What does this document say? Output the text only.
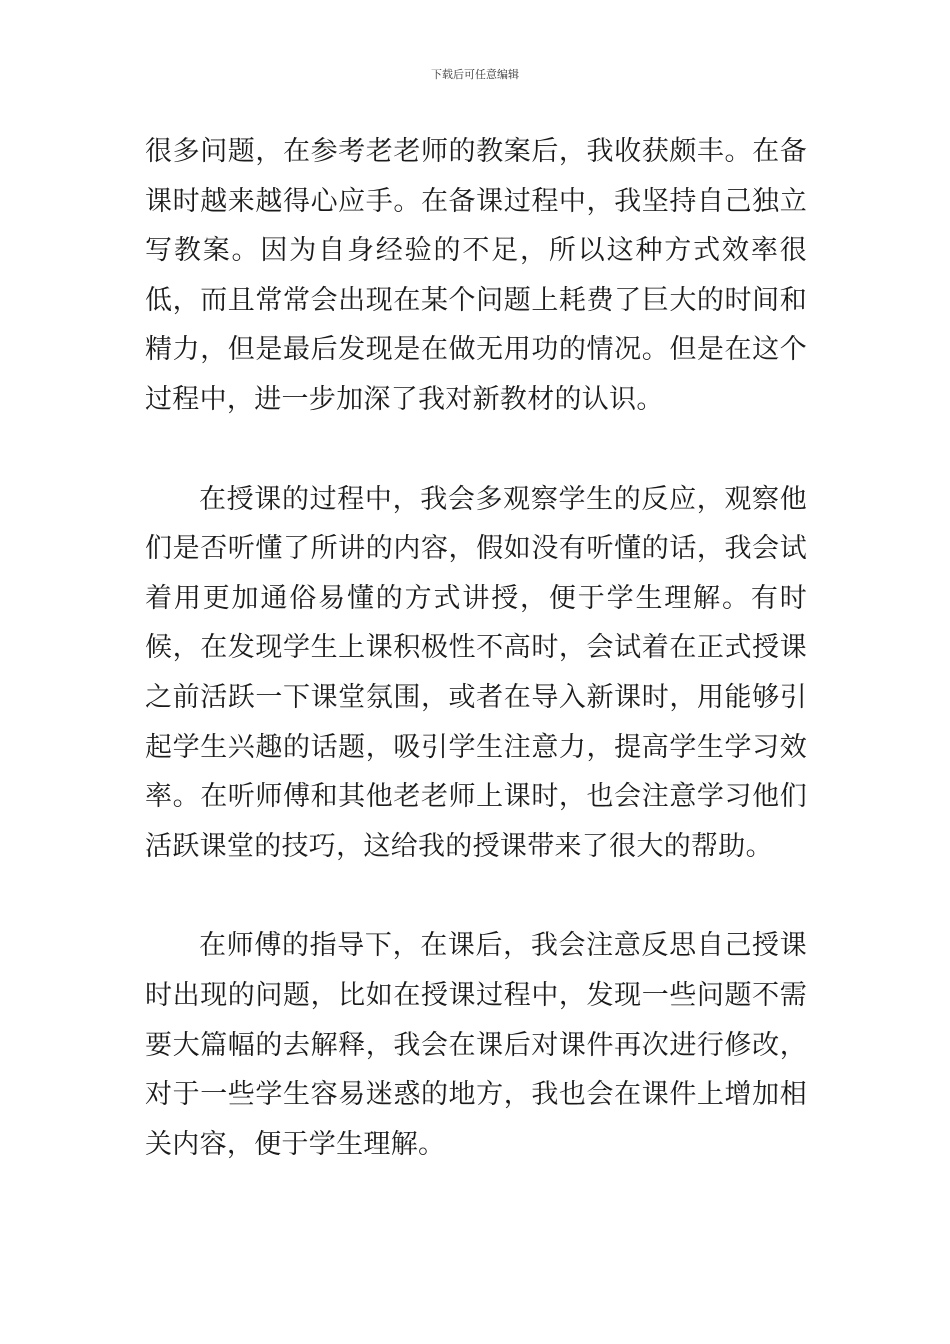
下载后可任意编辑

很多问题，在参考老老师的教案后，我收获颇丰。在备课时越来越得心应手。在备课过程中，我坚持自己独立写教案。因为自身经验的不足，所以这种方式效率很低，而且常常会出现在某个问题上耗费了巨大的时间和精力，但是最后发现是在做无用功的情况。但是在这个过程中，进一步加深了我对新教材的认识。

在授课的过程中，我会多观察学生的反应，观察他们是否听懂了所讲的内容，假如没有听懂的话，我会试着用更加通俗易懂的方式讲授，便于学生理解。有时候，在发现学生上课积极性不高时，会试着在正式授课之前活跃一下课堂氛围，或者在导入新课时，用能够引起学生兴趣的话题，吸引学生注意力，提高学生学习效率。在听师傅和其他老老师上课时，也会注意学习他们活跃课堂的技巧，这给我的授课带来了很大的帮助。

在师傅的指导下，在课后，我会注意反思自己授课时出现的问题，比如在授课过程中，发现一些问题不需要大篇幅的去解释，我会在课后对课件再次进行修改，对于一些学生容易迷惑的地方，我也会在课件上增加相关内容，便于学生理解。
